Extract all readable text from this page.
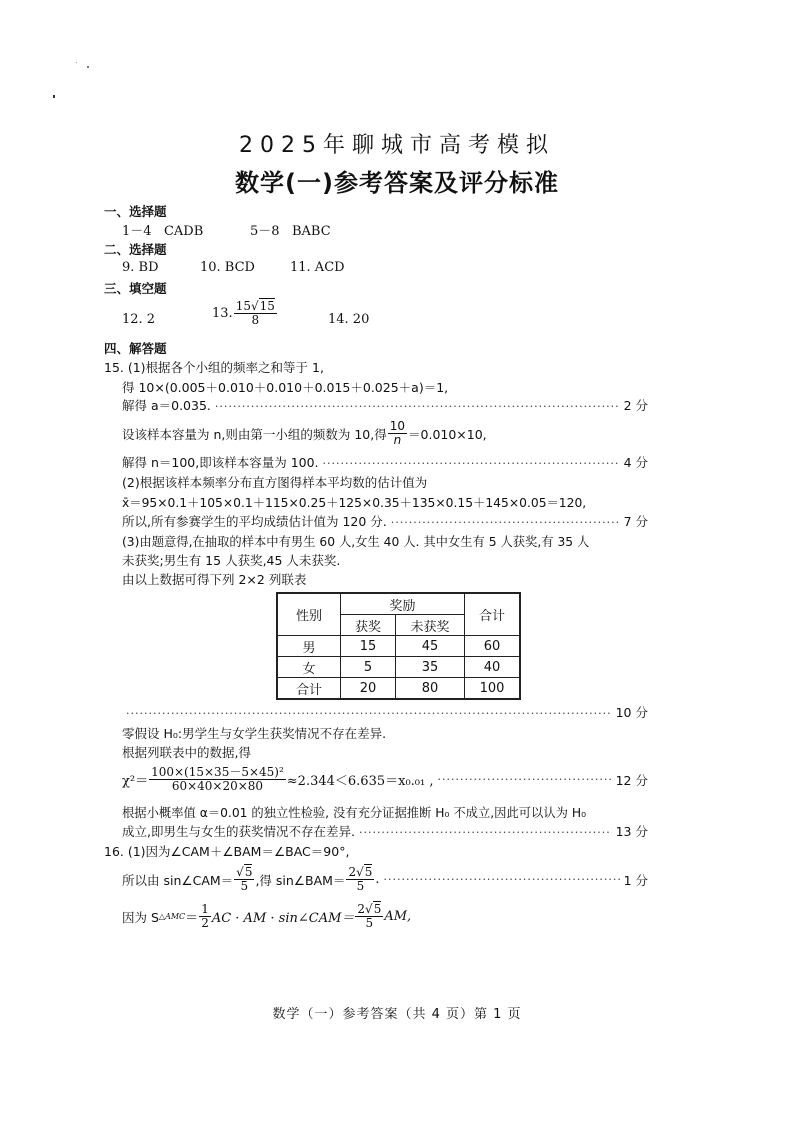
2025年聊城市高考模拟
数学(一)参考答案及评分标准
一、选择题
1－4 CADB	5－8 BABC
二、选择题
9. BD	10. BCD	11. ACD
三、填空题
12. 2	13. $\frac{15√15}{8}$	14. 20
四、解答题
15. (1)根据各个小组的频率之和等于 1,
得 10×(0.005＋0.010＋0.010＋0.015＋0.025＋a)＝1,
解得 a＝0.035. ·····	2 分
设该样本容量为 n,则由第一小组的频数为 10,得 $\frac{10}{n} =0.010\times 10$,
解得 n＝100,即该样本容量为 100. ·····	4 分
(2)根据该样本频率分布直方图得样本平均数的估计值为
x̄＝95×0.1＋105×0.1＋115×0.25＋125×0.35＋135×0.15＋145×0.05＝120,
所以,所有参赛学生的平均成绩估计值为 120 分. ·····	7 分
(3)由题意得,在抽取的样本中有男生 60 人,女生 40 人. 其中女生有 5 人获奖,有 35 人
未获奖;男生有 15 人获奖,45 人未获奖.
由以上数据可得下列 2×2 列联表
性别	奖励		合计
	获奖	未获奖	
男	15	45	60
女	5	35	40
合计	20	80	100
·····
10 分
零假设 H₀:男学生与女学生获奖情况不存在差异.
根据列联表中的数据,得
$\chi^2= \frac{\text{100×(15×35－5×45)²}}{60\times 40\times 20\times 80} \approx 2.344<6.635=x_0._{01}$ , ·····	12 分
根据小概率值 α＝0.01 的独立性检验, 没有充分证据推断 H₀ 不成立,因此可以认为 H₀
成立,即男生与女生的获奖情况不存在差异. ·····	13 分
16. (1)因为∠CAM＋∠BAM＝∠BAC＝90°,
所以由 sin∠CAM＝ $\frac{√5}{5}$ ,得 sin∠BAM＝ $\frac{2√5}{5}$ . ·····	1 分
因为 S △AMC ＝ $\frac{1}{2}$ AC · AM · sin∠CAM＝ $\frac{2√5}{5}$ AM,
数学（一）参考答案（共 4 页）第 1 页
